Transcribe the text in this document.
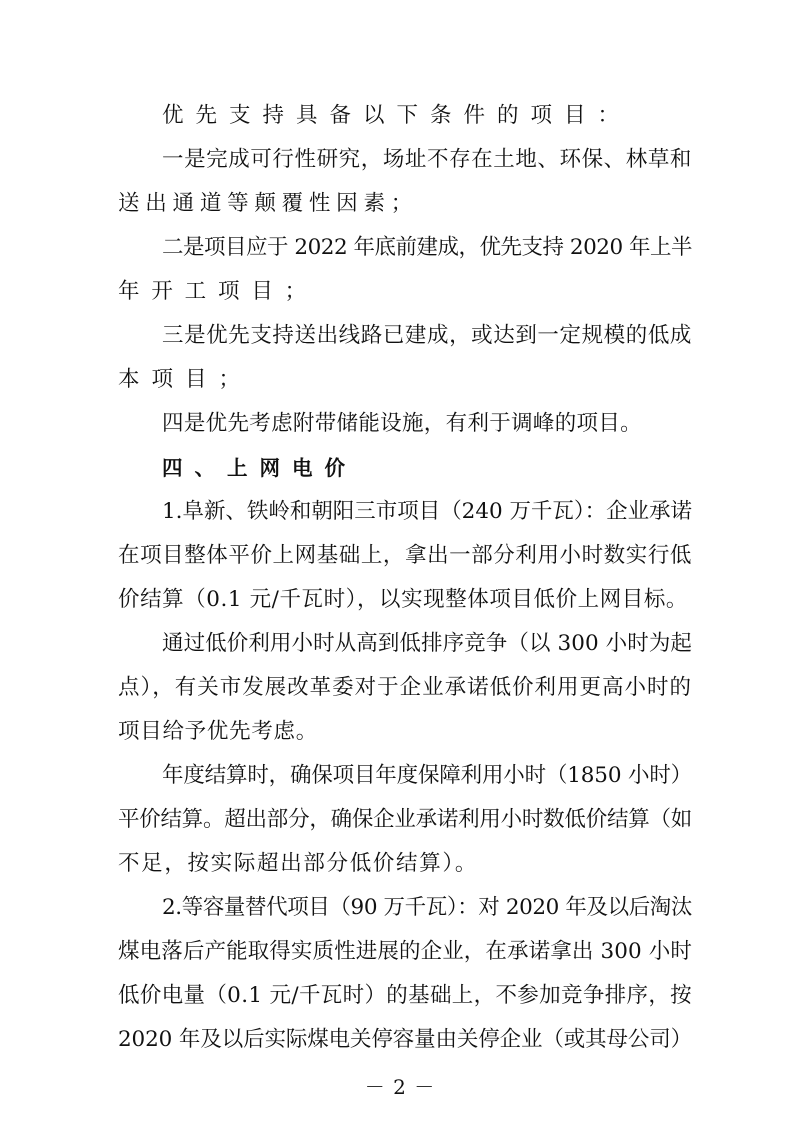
优先支持具备以下条件的项目：
一是完成可行性研究，场址不存在土地、环保、林草和
送出通道等颠覆性因素；
二是项目应于 2022 年底前建成，优先支持 2020 年上半
年开工项目；
三是优先支持送出线路已建成，或达到一定规模的低成
本项目；
四是优先考虑附带储能设施，有利于调峰的项目。
四、上网电价
1.阜新、铁岭和朝阳三市项目（240 万千瓦）：企业承诺
在项目整体平价上网基础上，拿出一部分利用小时数实行低
价结算（0.1 元/千瓦时），以实现整体项目低价上网目标。
通过低价利用小时从高到低排序竞争（以 300 小时为起
点），有关市发展改革委对于企业承诺低价利用更高小时的
项目给予优先考虑。
年度结算时，确保项目年度保障利用小时（1850 小时）
平价结算。超出部分，确保企业承诺利用小时数低价结算（如
不足，按实际超出部分低价结算）。
2.等容量替代项目（90 万千瓦）：对 2020 年及以后淘汰
煤电落后产能取得实质性进展的企业，在承诺拿出 300 小时
低价电量（0.1 元/千瓦时）的基础上，不参加竞争排序，按
2020 年及以后实际煤电关停容量由关停企业（或其母公司）
－ 2 －
